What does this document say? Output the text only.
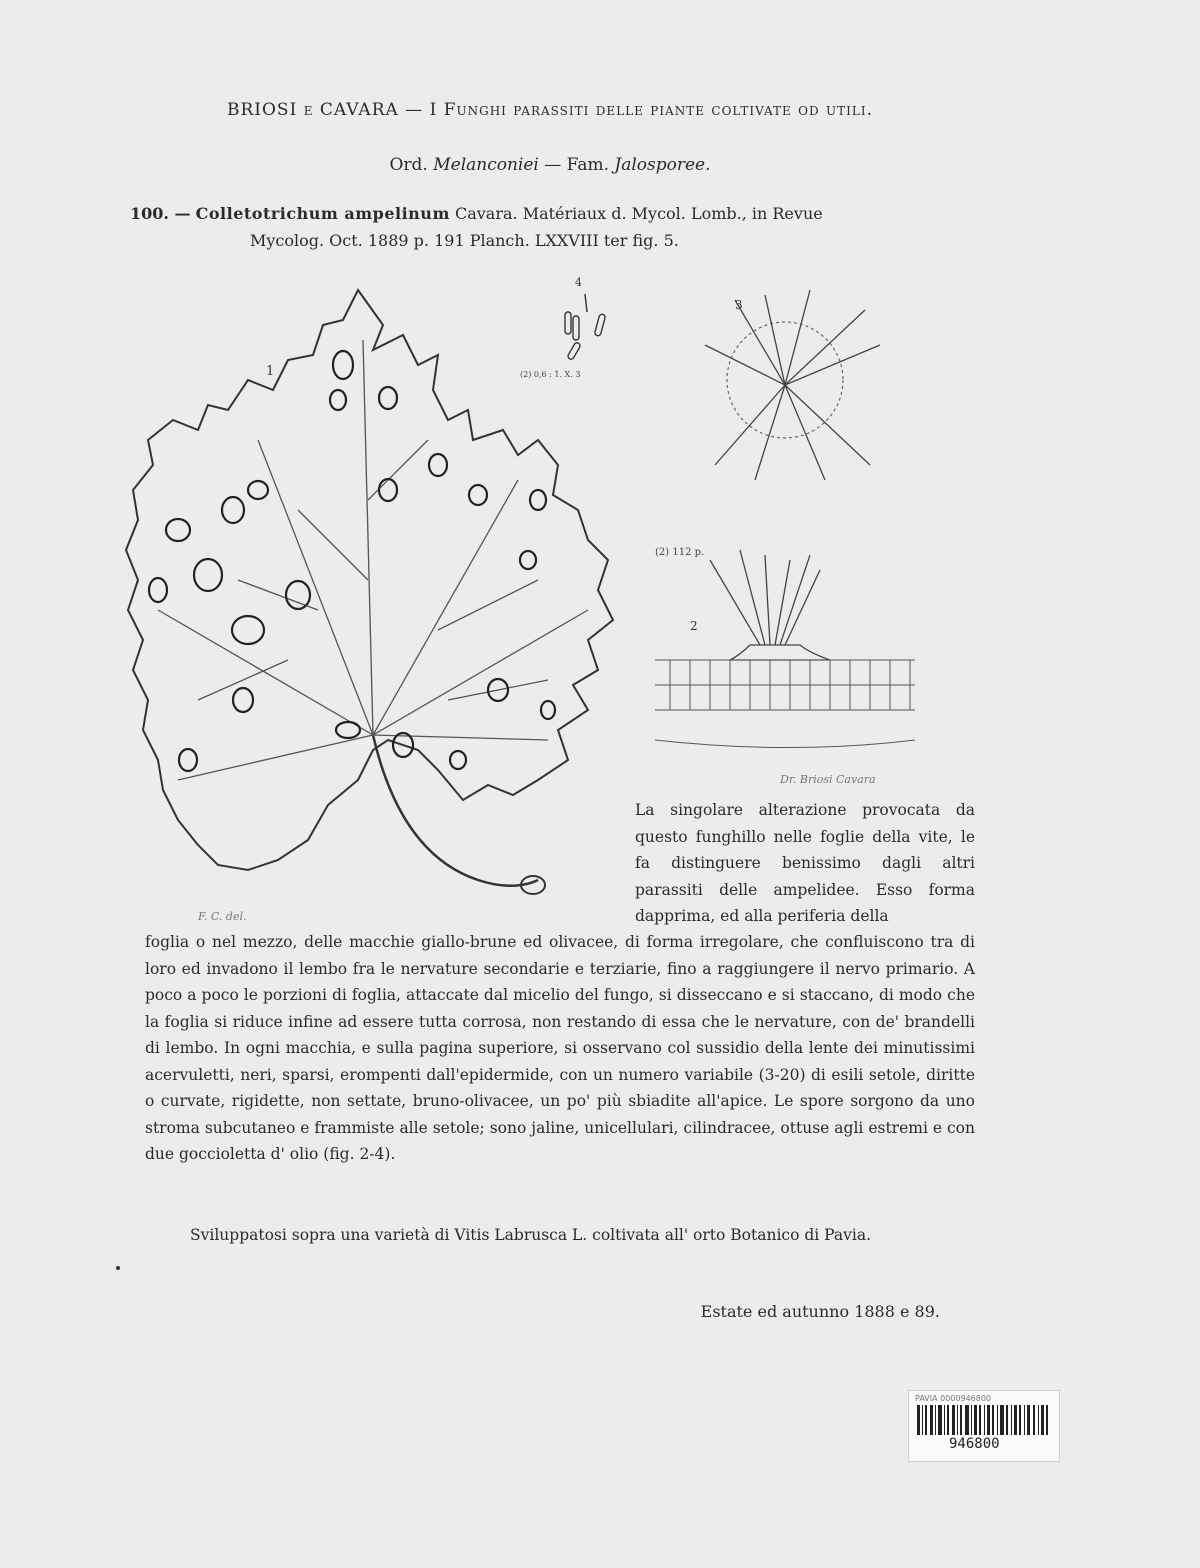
BRIOSI e CAVARA — I Funghi parassiti delle piante coltivate od utili.
Ord. Melanconiei — Fam. Jalosporee.
100. — Colletotrichum ampelinum Cavara. Matériaux d. Mycol. Lomb., in Revue
Mycolog. Oct. 1889 p. 191 Planch. LXXVIII ter fig. 5.
1
F. C. del.
4
(2) 0,6 : 1. X. 3
3
(2) 112 p.
2
Dr. Briosi Cavara
La singolare alterazione provocata da questo funghillo nelle foglie della vite, le fa distinguere benissimo dagli altri parassiti delle ampelidee. Esso forma dapprima, ed alla periferia della
foglia o nel mezzo, delle macchie giallo-brune ed olivacee, di forma irregolare, che confluiscono tra di loro ed invadono il lembo fra le nervature secondarie e terziarie, fino a raggiungere il nervo primario. A poco a poco le porzioni di foglia, attaccate dal micelio del fungo, si disseccano e si staccano, di modo che la foglia si riduce infine ad essere tutta corrosa, non restando di essa che le nervature, con de' brandelli di lembo. In ogni macchia, e sulla pagina superiore, si osservano col sussidio della lente dei minutissimi acervuletti, neri, sparsi, erompenti dall'epidermide, con un numero variabile (3-20) di esili setole, diritte o curvate, rigidette, non settate, bruno-olivacee, un po' più sbiadite all'apice. Le spore sorgono da uno stroma subcutaneo e frammiste alle setole; sono jaline, unicellulari, cilindracee, ottuse agli estremi e con due goccioletta d' olio (fig. 2-4).
Sviluppatosi sopra una varietà di Vitis Labrusca L. coltivata all' orto Botanico di Pavia.
Estate ed autunno 1888 e 89.
PAVIA 0000946800
946800
